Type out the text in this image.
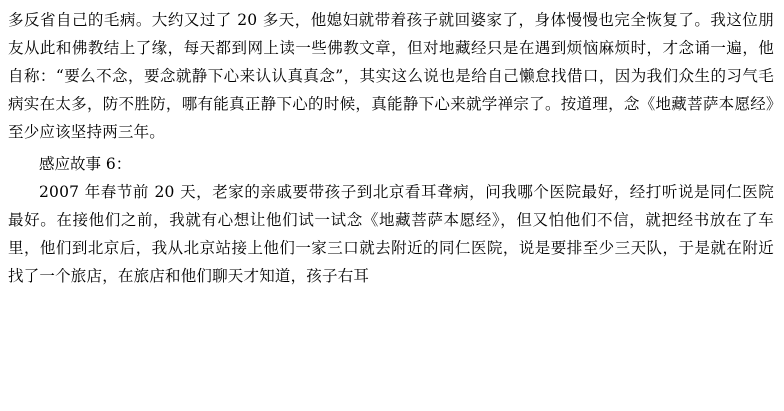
多反省自己的毛病。大约又过了 20 多天，他媳妇就带着孩子就回婆家了，身体慢慢也完全恢复了。我这位朋友从此和佛教结上了缘，每天都到网上读一些佛教文章，但对地藏经只是在遇到烦恼麻烦时，才念诵一遍，他自称：“要么不念，要念就静下心来认认真真念”，其实这么说也是给自己懒怠找借口，因为我们众生的习气毛病实在太多，防不胜防，哪有能真正静下心的时候，真能静下心来就学禅宗了。按道理，念《地藏菩萨本愿经》至少应该坚持两三年。

感应故事 6：

2007 年春节前 20 天，老家的亲戚要带孩子到北京看耳聋病，问我哪个医院最好，经打听说是同仁医院最好。在接他们之前，我就有心想让他们试一试念《地藏菩萨本愿经》，但又怕他们不信，就把经书放在了车里，他们到北京后，我从北京站接上他们一家三口就去附近的同仁医院，说是要排至少三天队，于是就在附近找了一个旅店，在旅店和他们聊天才知道，孩子右耳
